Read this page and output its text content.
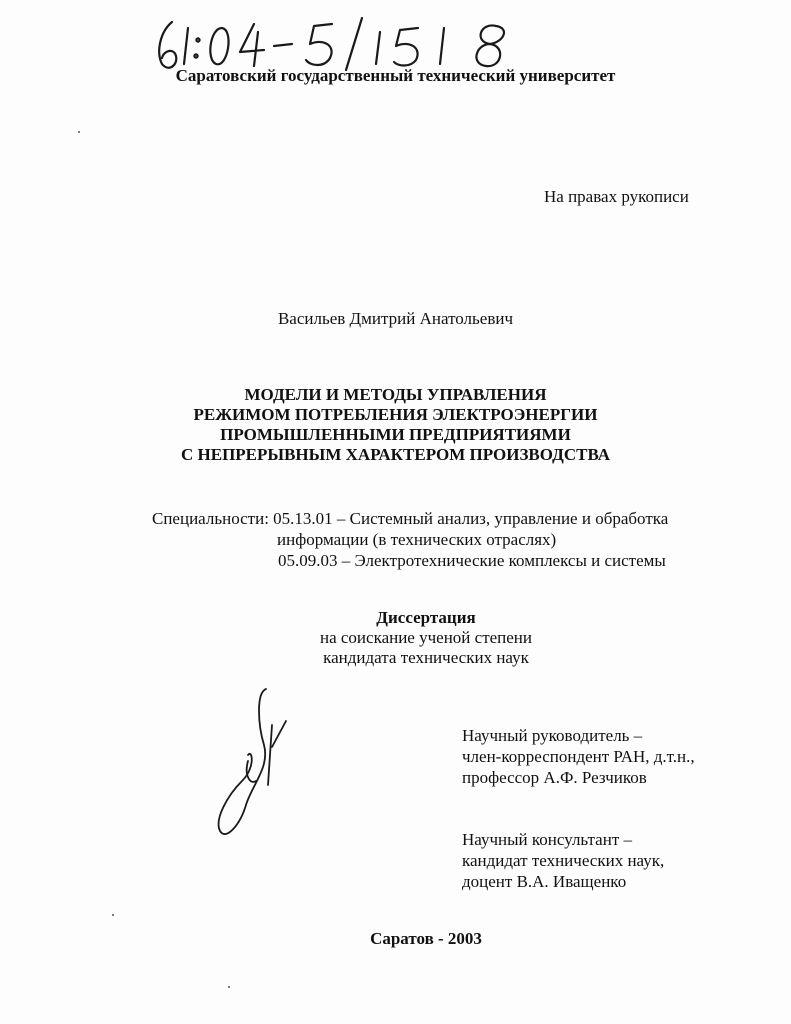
Саратовский государственный технический университет
На правах рукописи
Васильев Дмитрий Анатольевич
МОДЕЛИ И МЕТОДЫ УПРАВЛЕНИЯ
РЕЖИМОМ ПОТРЕБЛЕНИЯ ЭЛЕКТРОЭНЕРГИИ
ПРОМЫШЛЕННЫМИ ПРЕДПРИЯТИЯМИ
С НЕПРЕРЫВНЫМ ХАРАКТЕРОМ ПРОИЗВОДСТВА
Специальности: 05.13.01 – Системный анализ, управление и обработка
информации (в технических отраслях)
05.09.03 – Электротехнические комплексы и системы
Диссертация
на соискание ученой степени
кандидата технических наук
Научный руководитель –
член-корреспондент РАН, д.т.н.,
профессор А.Ф. Резчиков
Научный консультант –
кандидат технических наук,
доцент В.А. Иващенко
Саратов - 2003
